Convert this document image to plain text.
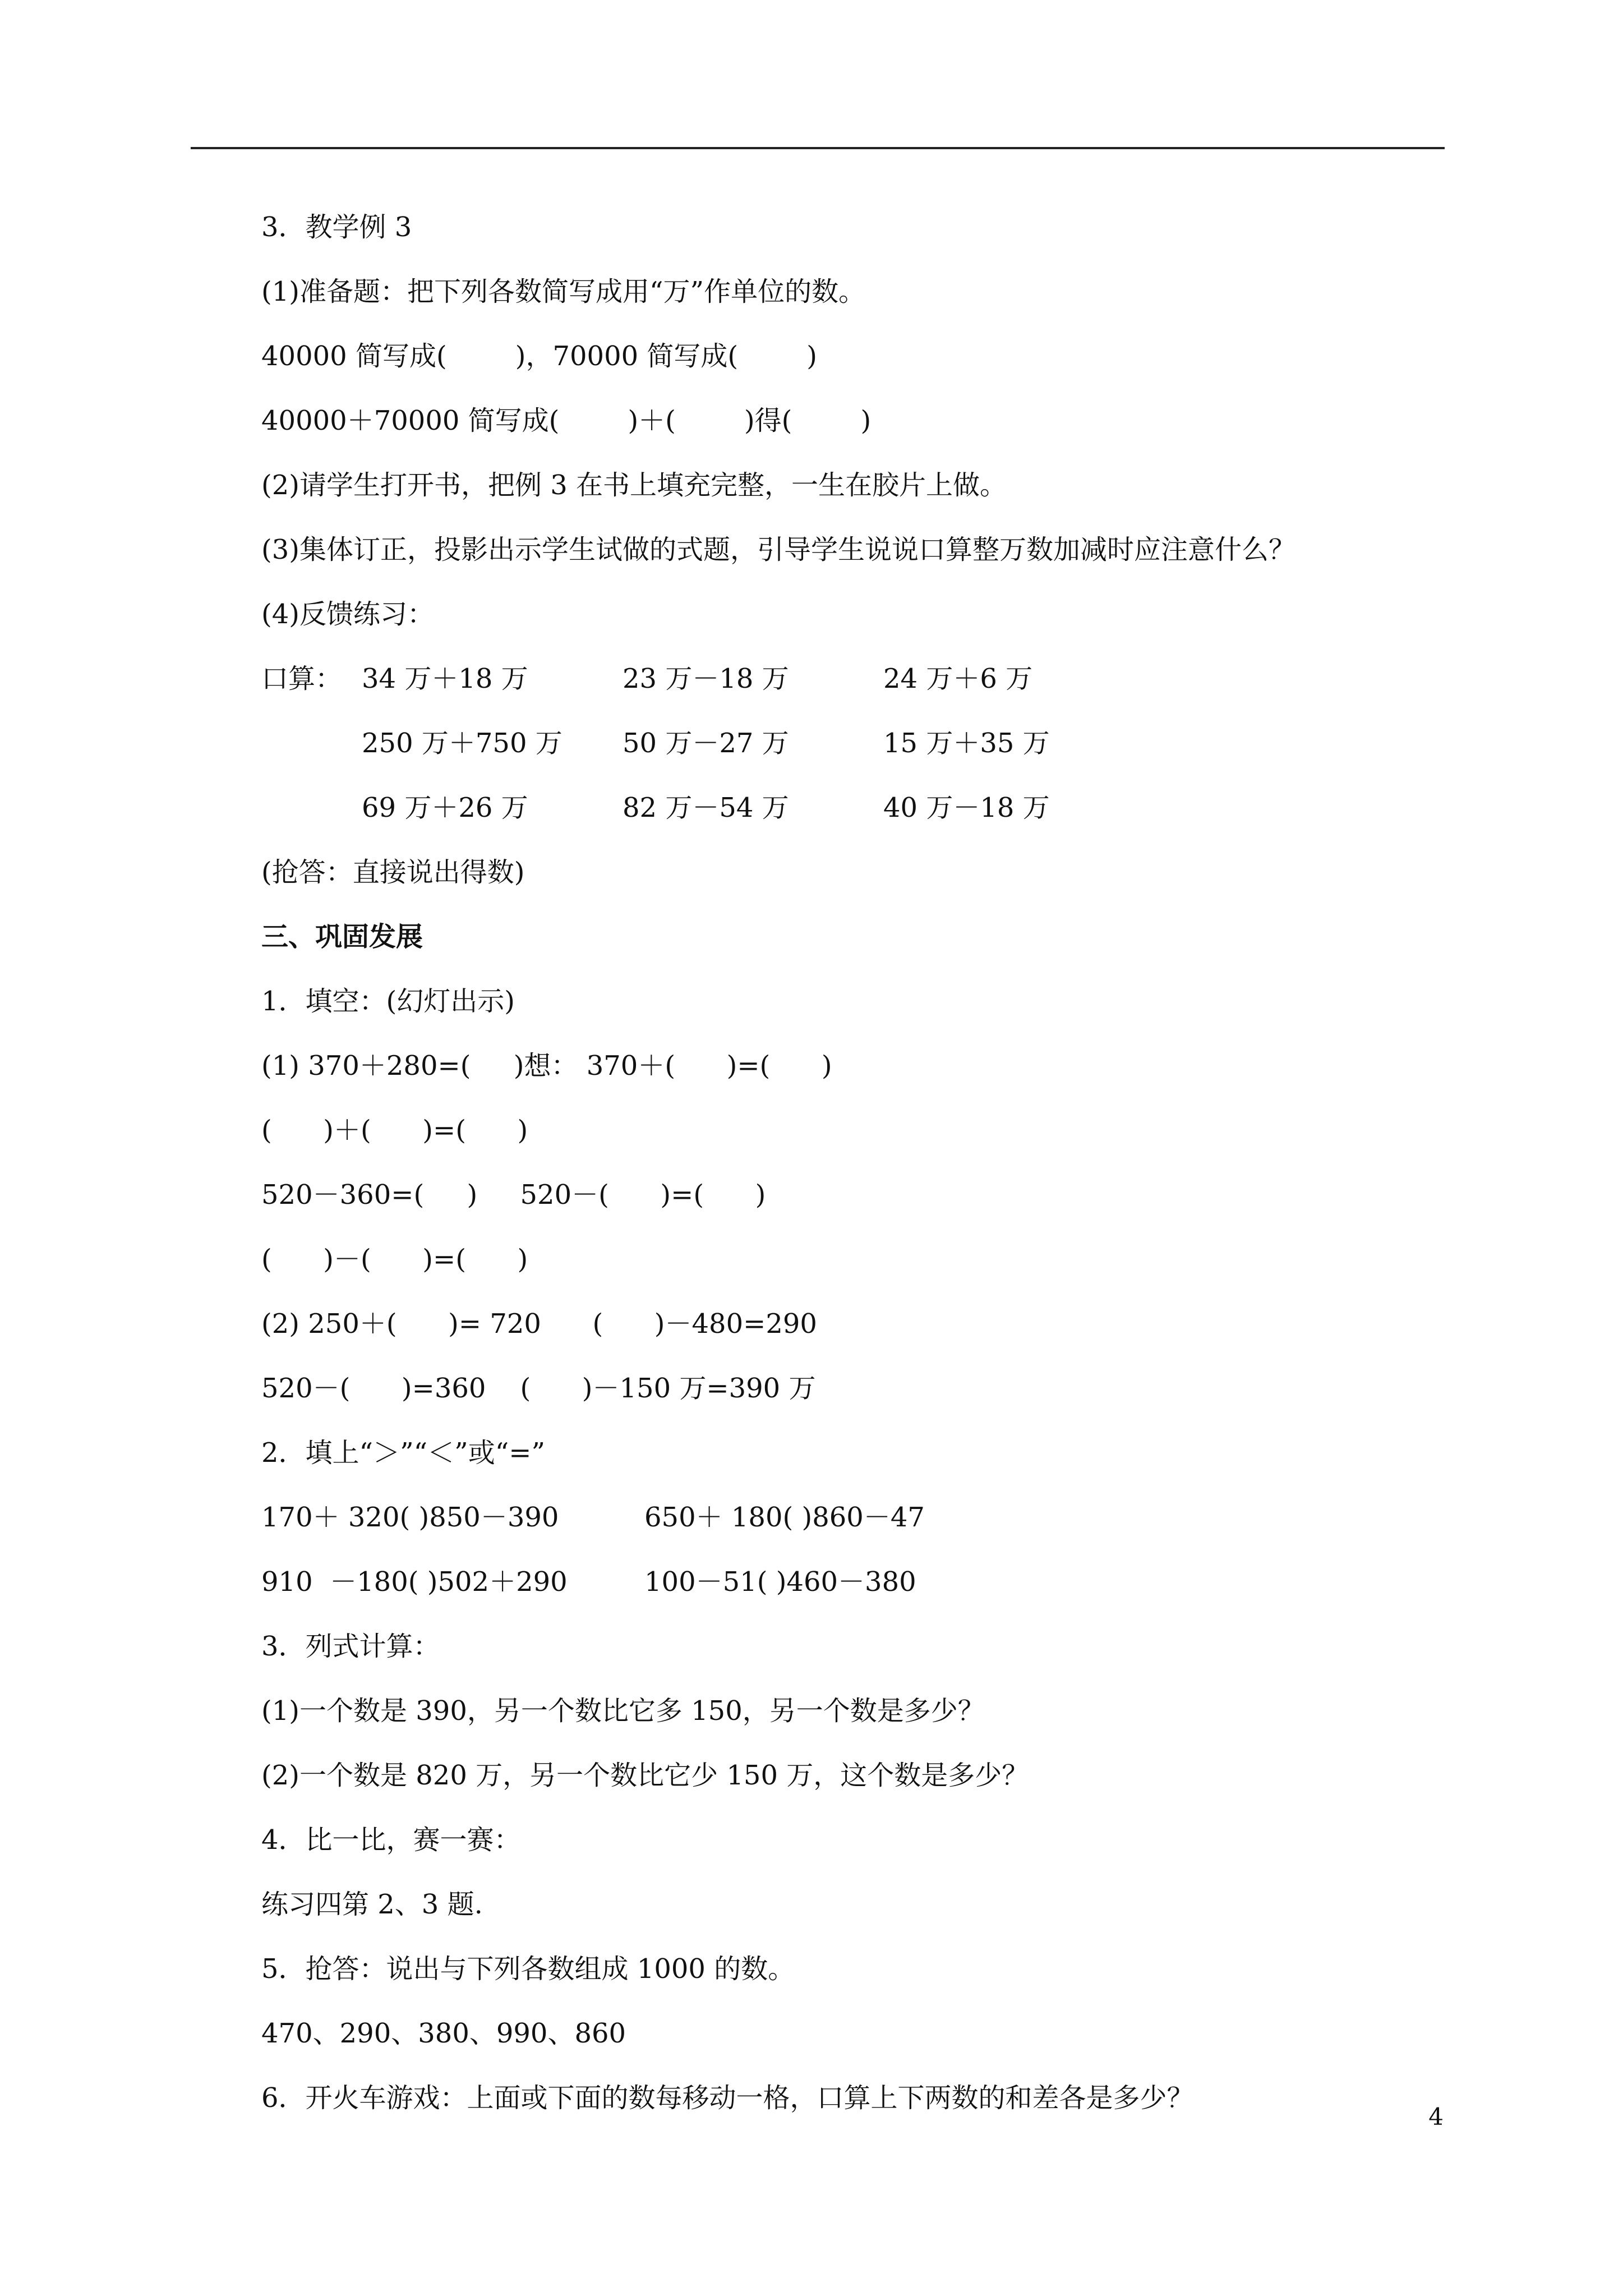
3．教学例 3
(1)准备题：把下列各数简写成用“万”作单位的数。
40000 简写成(        )，70000 简写成(        )
40000＋70000 简写成(        )＋(        )得(        )
(2)请学生打开书，把例 3 在书上填充完整，一生在胶片上做。
(3)集体订正，投影出示学生试做的式题，引导学生说说口算整万数加减时应注意什么？
(4)反馈练习：
口算： 34 万＋18 万	23 万－18 万	24 万＋6 万
250 万＋750 万 50 万－27 万	15 万＋35 万
69 万＋26 万	82 万－54 万	40 万－18 万
(抢答：直接说出得数)
三、巩固发展
1．填空：(幻灯出示)
(1) 370＋280=(     )想： 370＋(      )=(      )
(      )＋(      )=(      )
520－360=(     )     520－(      )=(      )
(      )－(      )=(      )
(2) 250＋(      )= 720      (      )－480=290
520－(      )=360    (      )－150 万=390 万
2．填上“＞”“＜”或“=”
170＋ 320( )850－390          650＋ 180( )860－47
910  －180( )502＋290         100－51( )460－380
3．列式计算：
(1)一个数是 390，另一个数比它多 150，另一个数是多少？
(2)一个数是 820 万，另一个数比它少 150 万，这个数是多少？
4．比一比，赛一赛：
练习四第 2、3 题.
5．抢答：说出与下列各数组成 1000 的数。
470、290、380、990、860
6．开火车游戏：上面或下面的数每移动一格，口算上下两数的和差各是多少？
4
